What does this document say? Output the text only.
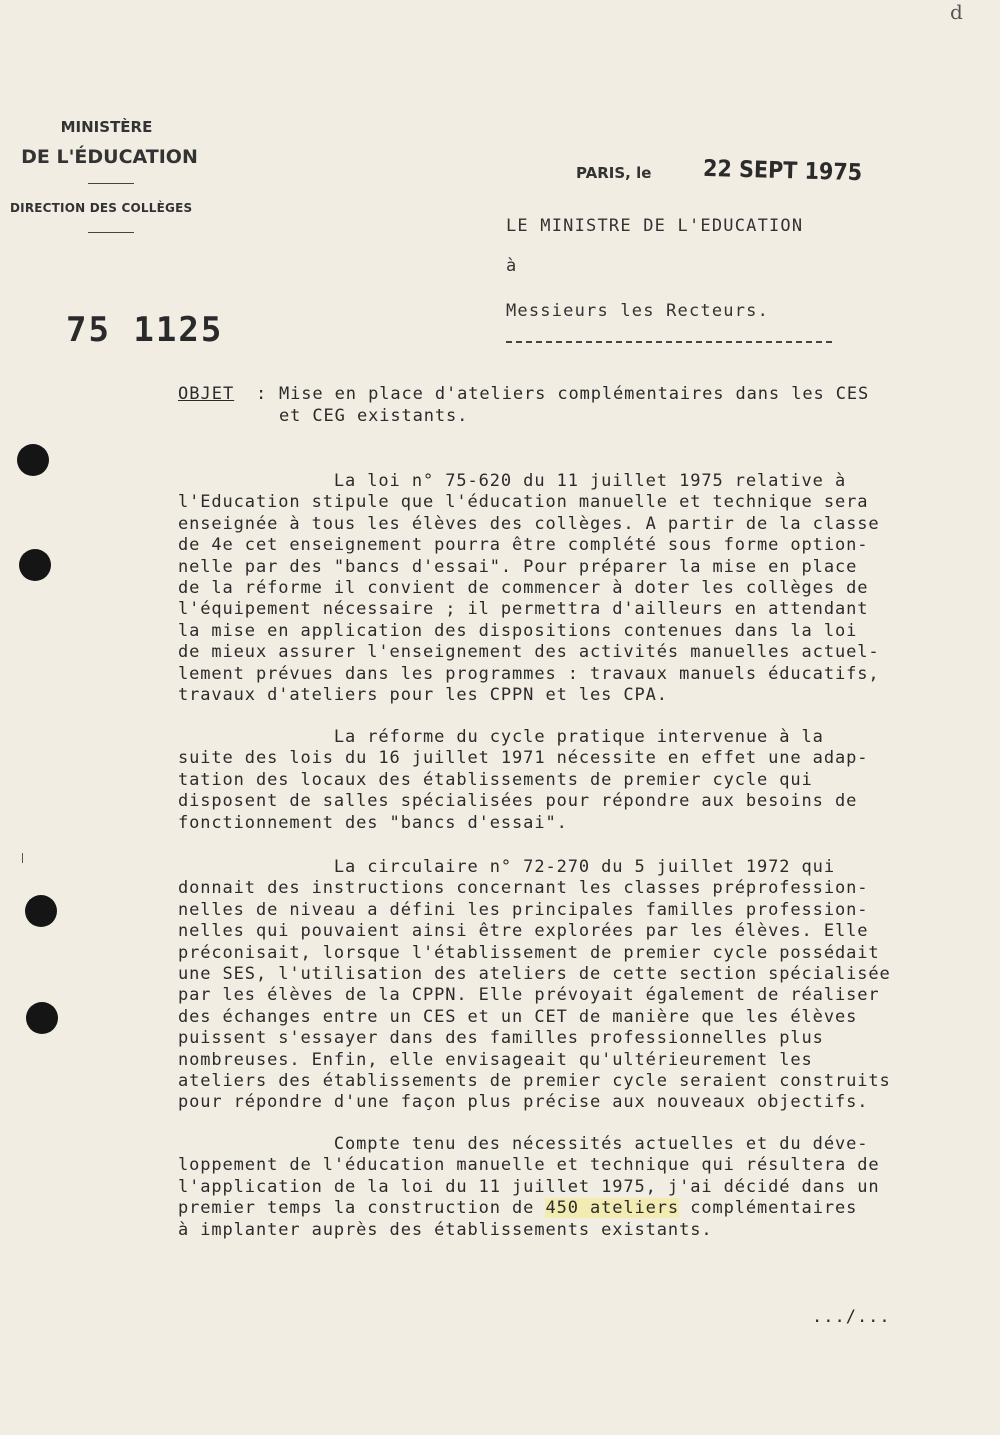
d
MINISTÈRE
DE L'ÉDUCATION
DIRECTION DES COLLÈGES
75 1125
PARIS, le 22 SEPT 1975
LE MINISTRE DE L'EDUCATION
à
Messieurs les Recteurs.
OBJET : Mise en place d'ateliers complémentaires dans les CES
et CEG existants.
La loi n° 75-620 du 11 juillet 1975 relative à
l'Education stipule que l'éducation manuelle et technique sera
enseignée à tous les élèves des collèges. A partir de la classe
de 4e cet enseignement pourra être complété sous forme option-
nelle par des "bancs d'essai". Pour préparer la mise en place
de la réforme il convient de commencer à doter les collèges de
l'équipement nécessaire ; il permettra d'ailleurs en attendant
la mise en application des dispositions contenues dans la loi
de mieux assurer l'enseignement des activités manuelles actuel-
lement prévues dans les programmes : travaux manuels éducatifs,
travaux d'ateliers pour les CPPN et les CPA.
La réforme du cycle pratique intervenue à la
suite des lois du 16 juillet 1971 nécessite en effet une adap-
tation des locaux des établissements de premier cycle qui
disposent de salles spécialisées pour répondre aux besoins de
fonctionnement des "bancs d'essai".
La circulaire n° 72-270 du 5 juillet 1972 qui
donnait des instructions concernant les classes préprofession-
nelles de niveau a défini les principales familles profession-
nelles qui pouvaient ainsi être explorées par les élèves. Elle
préconisait, lorsque l'établissement de premier cycle possédait
une SES, l'utilisation des ateliers de cette section spécialisée
par les élèves de la CPPN. Elle prévoyait également de réaliser
des échanges entre un CES et un CET de manière que les élèves
puissent s'essayer dans des familles professionnelles plus
nombreuses. Enfin, elle envisageait qu'ultérieurement les
ateliers des établissements de premier cycle seraient construits
pour répondre d'une façon plus précise aux nouveaux objectifs.
Compte tenu des nécessités actuelles et du déve-
loppement de l'éducation manuelle et technique qui résultera de
l'application de la loi du 11 juillet 1975, j'ai décidé dans un
premier temps la construction de 450 ateliers complémentaires
à implanter auprès des établissements existants.
.../...
